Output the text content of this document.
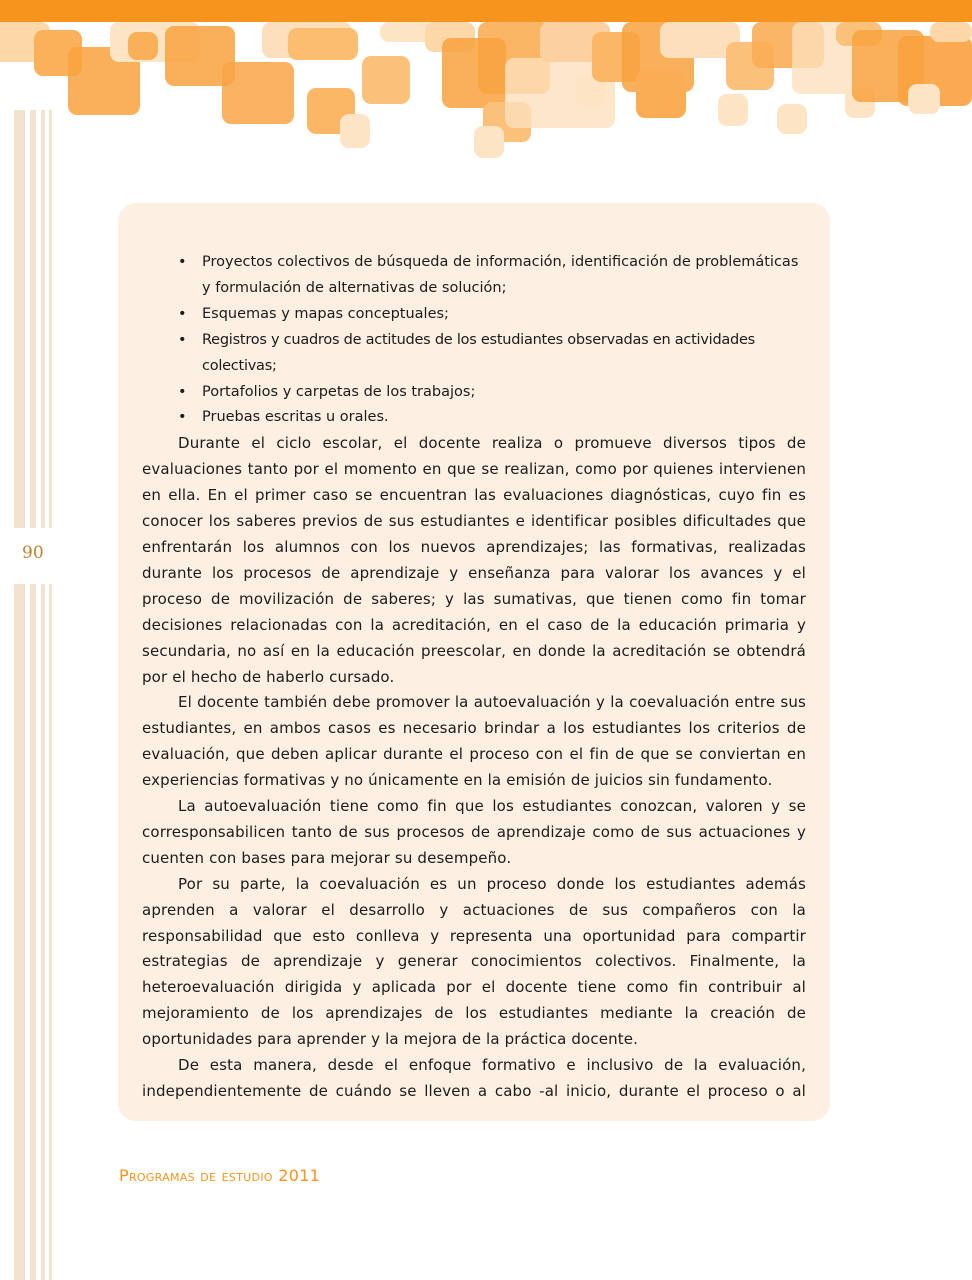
90
• Proyectos colectivos de búsqueda de información, identificación de problemáticas y formulación de alternativas de solución;
• Esquemas y mapas conceptuales;
• Registros y cuadros de actitudes de los estudiantes observadas en actividades colectivas;
• Portafolios y carpetas de los trabajos;
• Pruebas escritas u orales.

Durante el ciclo escolar, el docente realiza o promueve diversos tipos de evaluaciones tanto por el momento en que se realizan, como por quienes intervienen en ella. En el primer caso se encuentran las evaluaciones diagnósticas, cuyo fin es conocer los saberes previos de sus estudiantes e identificar posibles dificultades que enfrentarán los alumnos con los nuevos aprendizajes; las formativas, realizadas durante los procesos de aprendizaje y enseñanza para valorar los avances y el proceso de movilización de saberes; y las sumativas, que tienen como fin tomar decisiones relacionadas con la acreditación, en el caso de la educación primaria y secundaria, no así en la educación preescolar, en donde la acreditación se obtendrá por el hecho de haberlo cursado.

El docente también debe promover la autoevaluación y la coevaluación entre sus estudiantes, en ambos casos es necesario brindar a los estudiantes los criterios de evaluación, que deben aplicar durante el proceso con el fin de que se conviertan en experiencias formativas y no únicamente en la emisión de juicios sin fundamento.

La autoevaluación tiene como fin que los estudiantes conozcan, valoren y se corresponsabilicen tanto de sus procesos de aprendizaje como de sus actuaciones y cuenten con bases para mejorar su desempeño.

Por su parte, la coevaluación es un proceso donde los estudiantes además aprenden a valorar el desarrollo y actuaciones de sus compañeros con la responsabilidad que esto conlleva y representa una oportunidad para compartir estrategias de aprendizaje y generar conocimientos colectivos. Finalmente, la heteroevaluación dirigida y aplicada por el docente tiene como fin contribuir al mejoramiento de los aprendizajes de los estudiantes mediante la creación de oportunidades para aprender y la mejora de la práctica docente.

De esta manera, desde el enfoque formativo e inclusivo de la evaluación, independientemente de cuándo se lleven a cabo -al inicio, durante el proceso o al

Programas de estudio 2011
